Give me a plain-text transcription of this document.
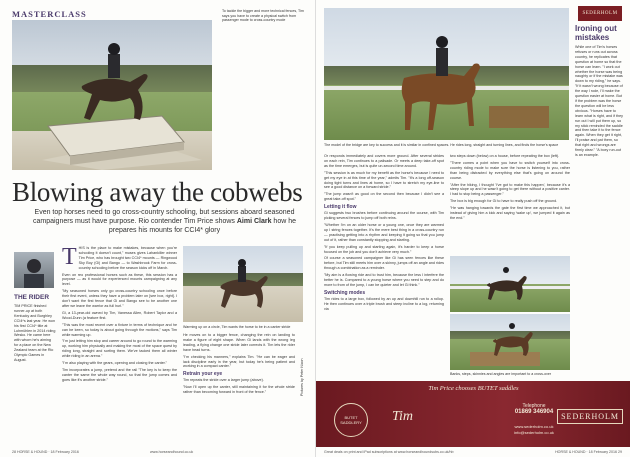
MASTERCLASS	To tackle the bigger and more technical fences, Tim says you have to create a physical switch from passenger mode to cross-country mode
Blowing away the cobwebs
Even top horses need to go cross-country schooling, but sessions aboard seasoned campaigners must have purpose. Rio contender Tim Price shows Aimi Clark how he prepares his mounts for CCI4* glory
THE RIDER

TIM PRICE finished runner-up at both Kentucky and Burghley CCI4*s last year. He won his first CCI4* title at Luhmühlen in 2014 riding Wesko. He came here with whom he's aiming for a place on the New Zealand team at the Rio Olympic Games in August.

T HIS is the place to make mistakes, because when you're schooling it doesn't count," muses gives Lahankiller winner Tim Price, who has brought two CCI4* mounts — Ringwood Sky Boy (Gi) and Bango — to Washbrook Farm for cross-country schooling before the season kicks off in March.

Even on reo professional horses such as these, this session has a purpose — as it would for experienced mounts campaigning at any level.

"My seasoned horses only go cross-country schooling once before their first event, unless they have a problem later on [see box, right]. I don't want the first fence that Gi and Bango see to be another one after we leave the warrior as full hurl."

Gi, a 13-year-old owned by Tim, Vanessa Allen, Robert Taylor and a Wood-Dunn (a feature first.

"This was the most recent over a fixture in terms of technique and he can be keen, so today is about going through the motions," says Tim while warming up.

"I'm just letting him stop and career around to go round to the warming up, working him physically and making the most of the space quest by riding long, straight and sorting them. We've tacked them all winter while riding in an arena."

"I'm also playing with the gears, opening and closing the canter."

Tim incorporates a jump, pretend and the rail "The key is to keep the canter the same the whole way round, so that the jump comes and goes like it's another stride."

Warming up on a circle, Tim wants the horse to be in a canter stride

He moves on to a bigger fence, changing the rein on landing to make a figure of eight shape. When Gi lands with the wrong leg leading, a flying change one stride later corrects it. Tim lets the rider have head turns.

"I'm checking his manners," explains Tim. "He can be eager and lack discipline early in the year, but today he's being patient and working in a compact canter."

Retrain your eye

Tim repeats the stride over a larger jump (above).

"Now I'll open up the canter, still maintaining it for the whole stride rather than becoming forward in front of the fence."	Pictures by Peter Nixon
28 HORSE & HOUND · 18 February 2016	www.horseandhound.co.uk
SEDERHOLM
The model of the bridge are key to success and it is similar in confined spaces. He rides long, straight and turning lines, and finds the horse's space

Or responds immediately and covers more ground. After several strides on each rein, Tim continues to a palisade. Or meets a deep take-off spot as the time emerges, but is quite un-second time around.

"This session is as much for my benefit as the horse's because I need to get my eye in at this time of the year," admits Tim. "It's a long off-season doing tight turns and lines at home, so I have to stretch my eye-line to see a good distance on a forward stride."

"The jump wasn't as good on the second then because I didn't see a great take-off spot."

Letting it flow

Gi suggests two brushes before continuing around the course, with Tim picking several fences to jump off both reins.

"Whether I'm on an older horse or a young one, once they are warmed up I string fences together. It's the mere best thing in a cross-country run — practising getting into a rhythm and keeping it going so that you jump out of it, rather than constantly stopping and starting.

"If you keep pulling up and starting again, it's harder to keep a horse focused on the job and you don't achieve very much."

Of course a seasoned campaigner like Gi has seen fences like these before, but Tim still meets him over a skinny, jumps off an angle and rides through a combination as a reminder.

"My aim is a flowing ride and to trust him, because the less I interfere the better he is. Compared to a young horse where you need to step and do more to from of the jump, I can be quieter and let Gi think."

Switching modes

Tim rides to a large box, followed by an up and downhill run to a rollop. He then continues over a triple brush and steep incline to a log, returning via

two steps down (below) on a house, before repeating the box (left).

"There comes a point when you have to switch yourself into cross-country riding mode to make sure the horse is listening to you, rather than being distracted by everything else that's going on around the course.

"After the hiking, I thought 'I've got to make this happen', because it's a steep slope up and he wasn't going to get there without a positive canter. I had to stop being a passenger."

The box is big enough for Gi to have to really push off the ground.

"He was hanging towards the gate the first time we approached it, but instead of giving him a kick and saying 'wake up', we jumped it again as the end."

Banks, steps, skinnies and angles are important to a cross-over
Ironing out mistakes
While one of Tim's horses refuses or runs out across country, he replicates that question at home so that the horse can learn. "I work out whether the horse was being naughty or if the mistake was down to my riding," he says. "If it wasn't wrong because of the way I rode, I'll make the question easier at home. But if the problem was the horse the question will be less obvious. "Horses have to learn what is right, and if they run out I will put them up, so my stick reminded the saddle and then take it to the fence again. When they get it right, I'll praise and pat them, so that right and wrongs are firmly clear." "A boxy run-out is an example.
Tim Price chooses BUTET saddles
BUTET SADDLERY	Tim
Telephone
01869 346904
www.sederholm.co.uk
info@sederholm.co.uk
SEDERHOLM
Great deals on print and iPad subscriptions at www.horseandhoundsubs.co.uk/hb	HORSE & HOUND · 18 February 2016 29
